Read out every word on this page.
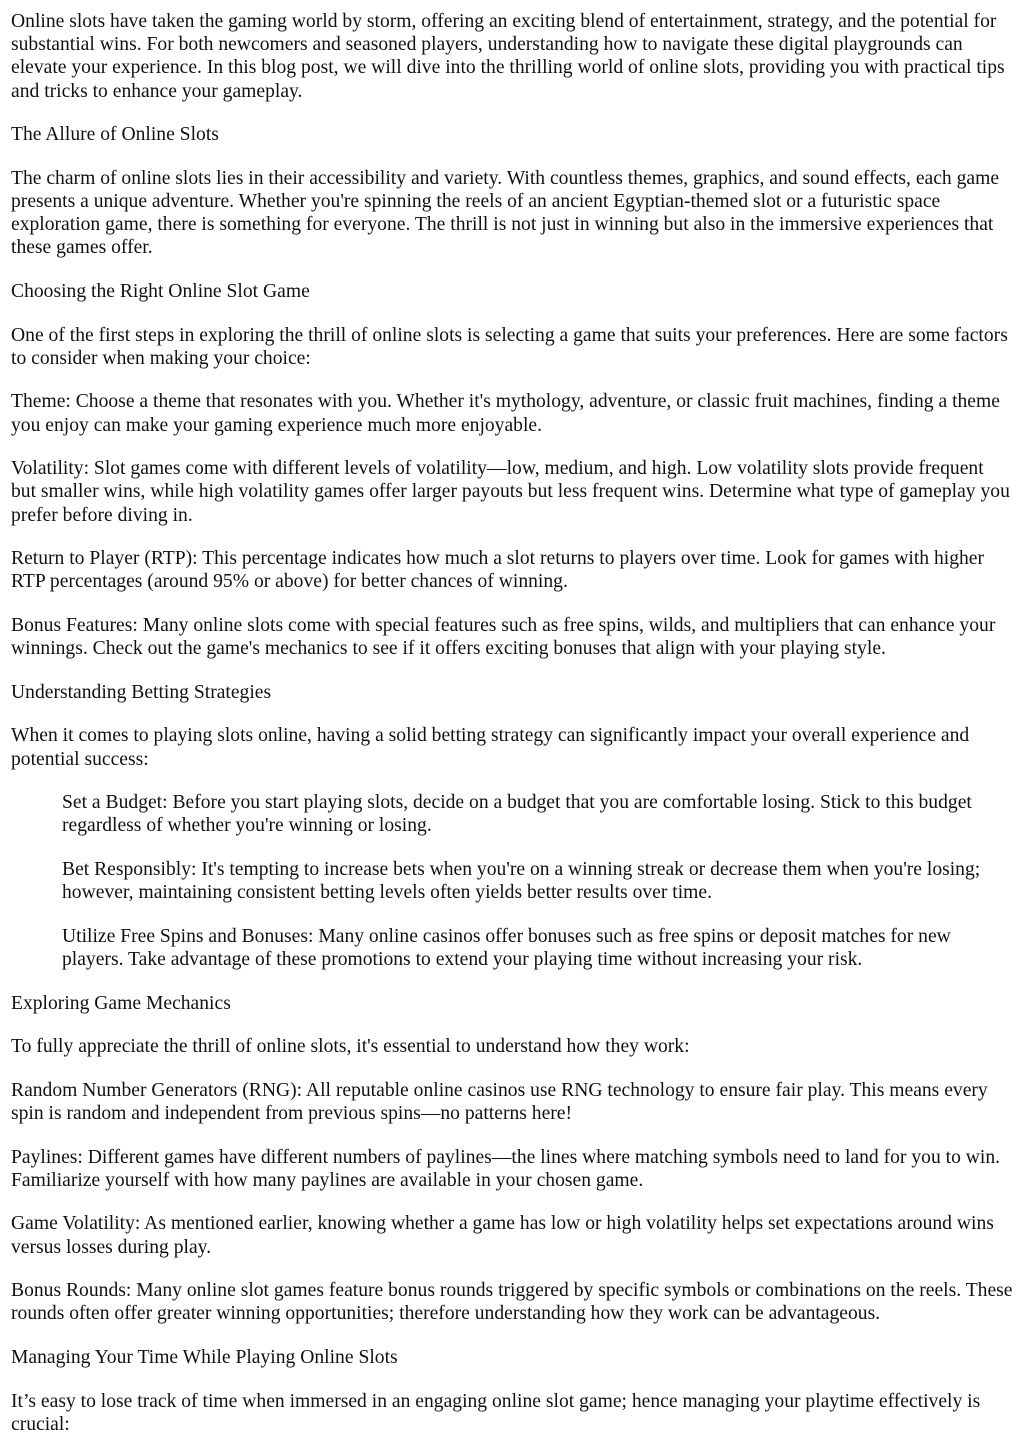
Online slots have taken the gaming world by storm, offering an exciting blend of entertainment, strategy, and the potential for substantial wins. For both newcomers and seasoned players, understanding how to navigate these digital playgrounds can elevate your experience. In this blog post, we will dive into the thrilling world of online slots, providing you with practical tips and tricks to enhance your gameplay.

The Allure of Online Slots

The charm of online slots lies in their accessibility and variety. With countless themes, graphics, and sound effects, each game presents a unique adventure. Whether you're spinning the reels of an ancient Egyptian-themed slot or a futuristic space exploration game, there is something for everyone. The thrill is not just in winning but also in the immersive experiences that these games offer.

Choosing the Right Online Slot Game

One of the first steps in exploring the thrill of online slots is selecting a game that suits your preferences. Here are some factors to consider when making your choice:

Theme: Choose a theme that resonates with you. Whether it's mythology, adventure, or classic fruit machines, finding a theme you enjoy can make your gaming experience much more enjoyable.

Volatility: Slot games come with different levels of volatility—low, medium, and high. Low volatility slots provide frequent but smaller wins, while high volatility games offer larger payouts but less frequent wins. Determine what type of gameplay you prefer before diving in.

Return to Player (RTP): This percentage indicates how much a slot returns to players over time. Look for games with higher RTP percentages (around 95% or above) for better chances of winning.

Bonus Features: Many online slots come with special features such as free spins, wilds, and multipliers that can enhance your winnings. Check out the game's mechanics to see if it offers exciting bonuses that align with your playing style.

Understanding Betting Strategies

When it comes to playing slots online, having a solid betting strategy can significantly impact your overall experience and potential success:

Set a Budget: Before you start playing slots, decide on a budget that you are comfortable losing. Stick to this budget regardless of whether you're winning or losing.

Bet Responsibly: It's tempting to increase bets when you're on a winning streak or decrease them when you're losing; however, maintaining consistent betting levels often yields better results over time.

Utilize Free Spins and Bonuses: Many online casinos offer bonuses such as free spins or deposit matches for new players. Take advantage of these promotions to extend your playing time without increasing your risk.

Exploring Game Mechanics

To fully appreciate the thrill of online slots, it's essential to understand how they work:

Random Number Generators (RNG): All reputable online casinos use RNG technology to ensure fair play. This means every spin is random and independent from previous spins—no patterns here!

Paylines: Different games have different numbers of paylines—the lines where matching symbols need to land for you to win. Familiarize yourself with how many paylines are available in your chosen game.

Game Volatility: As mentioned earlier, knowing whether a game has low or high volatility helps set expectations around wins versus losses during play.

Bonus Rounds: Many online slot games feature bonus rounds triggered by specific symbols or combinations on the reels. These rounds often offer greater winning opportunities; therefore understanding how they work can be advantageous.

Managing Your Time While Playing Online Slots

It’s easy to lose track of time when immersed in an engaging online slot game; hence managing your playtime effectively is crucial:
